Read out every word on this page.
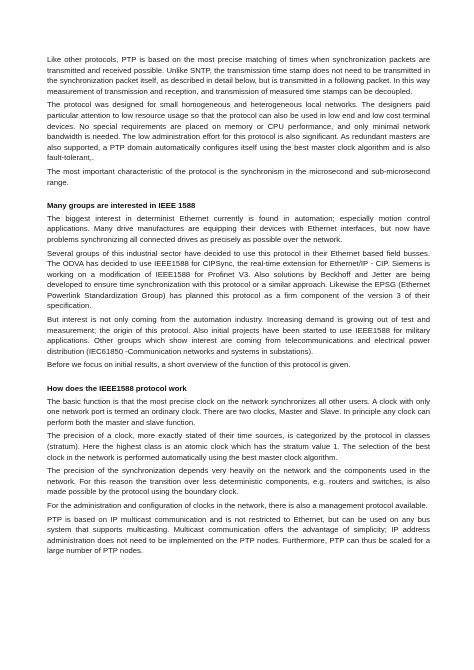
Like other protocols, PTP is based on the most precise matching of times when synchronization packets are transmitted and received possible. Unlike SNTP, the transmission time stamp does not need to be transmitted in the synchronization packet itself, as described in detail below, but is transmitted in a following packet. In this way measurement of transmission and reception, and transmission of measured time stamps can be decoupled.

The protocol was designed for small homogeneous and heterogeneous local networks. The designers paid particular attention to low resource usage so that the protocol can also be used in low end and low cost terminal devices. No special requirements are placed on memory or CPU performance, and only minimal network bandwidth is needed. The low administration effort for this protocol is also significant. As redundant masters are also supported, a PTP domain automatically configures itself using the best master clock algorithm and is also fault-tolerant,.

The most important characteristic of the protocol is the synchronism in the microsecond and sub-microsecond range.

Many groups are interested in IEEE 1588

The biggest interest in determinist Ethernet currently is found in automation; especially motion control applications. Many drive manufactures are equipping their devices with Ethernet interfaces, but now have problems synchronizing all connected drives as precisely as possible over the network.

Several groups of this industrial sector have decided to use this protocol in their Ethernet based field busses. The ODVA has decided to use IEEE1588 for CIPSync, the real-time extension for Ethernet/IP - CIP. Siemens is working on a modification of IEEE1588 for Profinet V3. Also solutions by Beckhoff and Jetter are being developed to ensure time synchronization with this protocol or a similar approach. Likewise the EPSG (Ethernet Powerlink Standardization Group) has planned this protocol as a firm component of the version 3 of their specification.

But interest is not only coming from the automation industry. Increasing demand is growing out of test and measurement; the origin of this protocol. Also initial projects have been started to use IEEE1588 for military applications. Other groups which show interest are coming from telecommunications and electrical power distribution (IEC61850 -Communication networks and systems in substations).

Before we focus on initial results, a short overview of the function of this protocol is given.

How does the IEEE1588 protocol work

The basic function is that the most precise clock on the network synchronizes all other users. A clock with only one network port is termed an ordinary clock. There are two clocks, Master and Slave. In principle any clock can perform both the master and slave function.

The precision of a clock, more exactly stated of their time sources, is categorized by the protocol in classes (stratum). Here the highest class is an atomic clock which has the stratum value 1. The selection of the best clock in the network is performed automatically using the best master clock algorithm.

The precision of the synchronization depends very heavily on the network and the components used in the network. For this reason the transition over less deterministic components, e.g. routers and switches, is also made possible by the protocol using the boundary clock.

For the administration and configuration of clocks in the network, there is also a management protocol available.

PTP is based on IP multicast communication and is not restricted to Ethernet, but can be used on any bus system that supports multicasting. Multicast communication offers the advantage of simplicity; IP address administration does not need to be implemented on the PTP nodes. Furthermore, PTP can thus be scaled for a large number of PTP nodes.
